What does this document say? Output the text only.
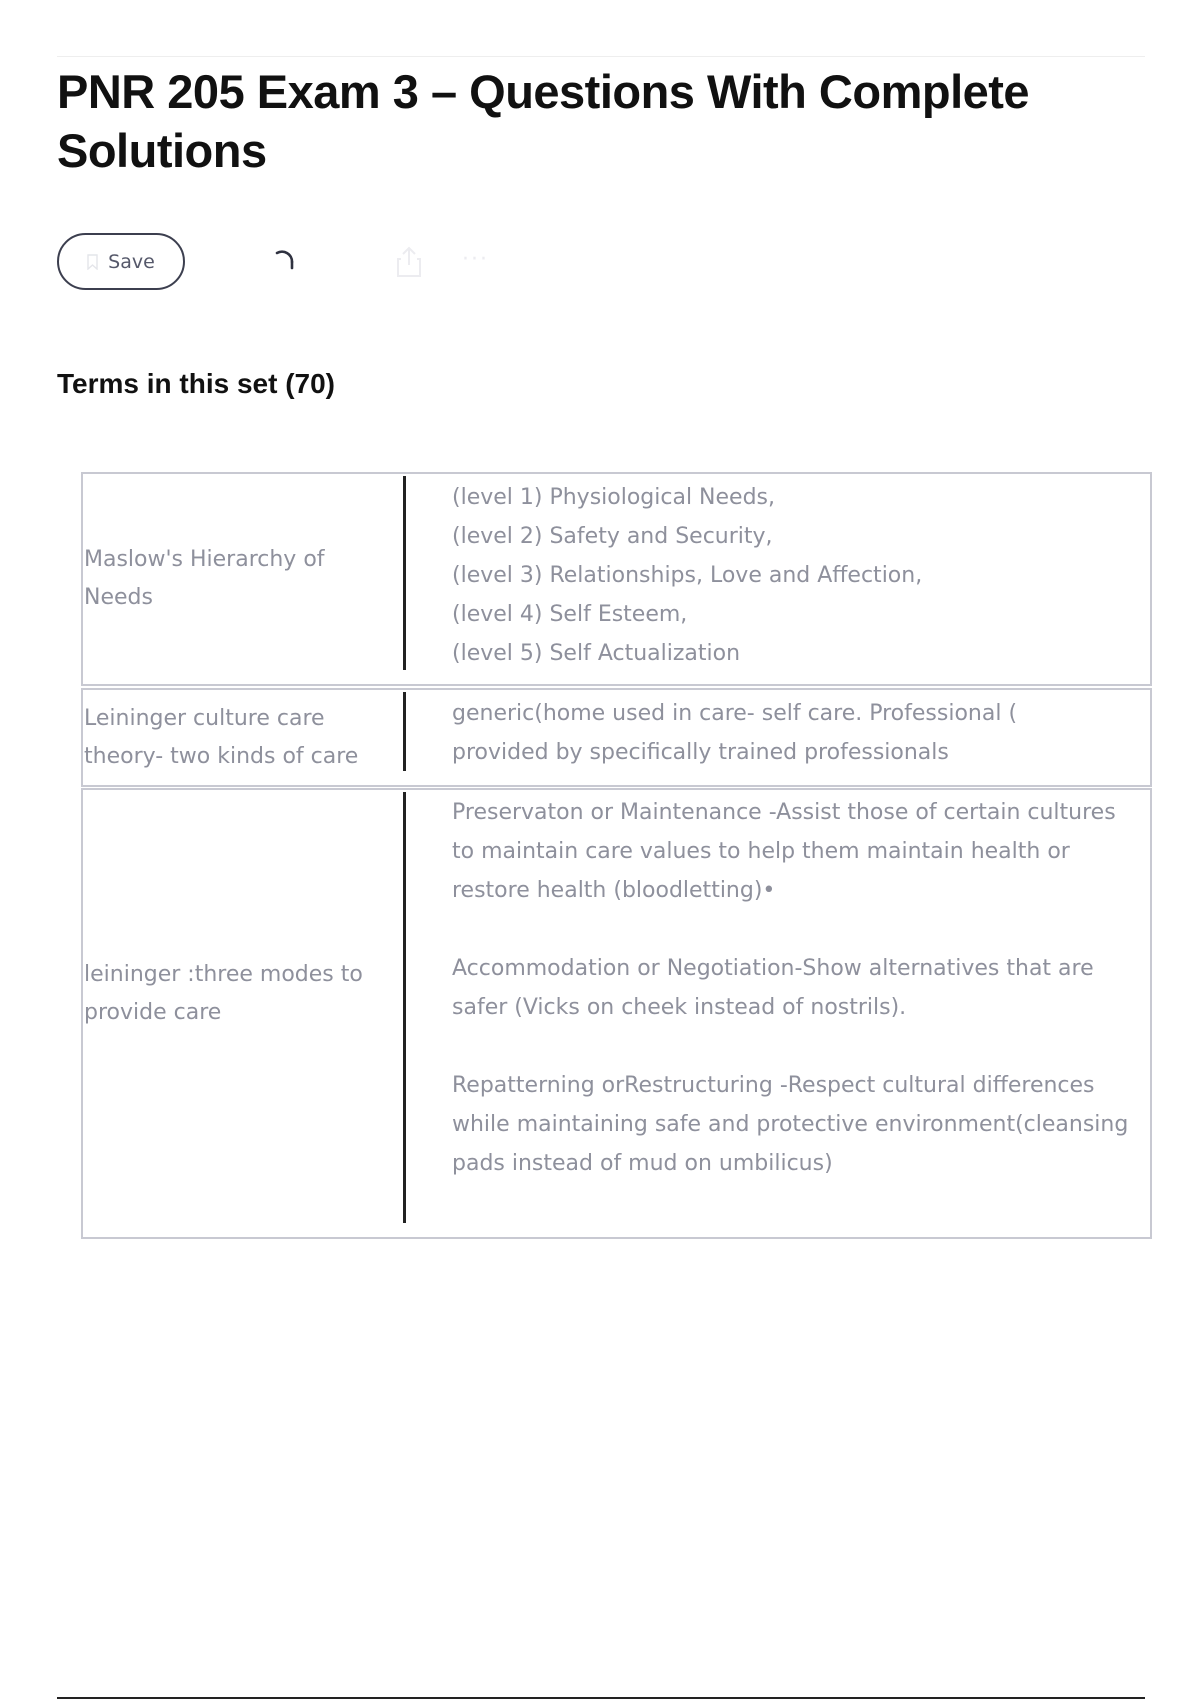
PNR 205 Exam 3 – Questions With Complete Solutions
Save	···
Terms in this set (70)
Maslow's Hierarchy of Needs
(level 1) Physiological Needs,
(level 2) Safety and Security,
(level 3) Relationships, Love and Affection,
(level 4) Self Esteem,
(level 5) Self Actualization
Leininger culture care theory- two kinds of care
generic(home used in care- self care. Professional (
provided by specifically trained professionals
leininger :three modes to provide care
Preservaton or Maintenance -Assist those of certain cultures to maintain care values to help them maintain health or restore health (bloodletting)•
Accommodation or Negotiation-Show alternatives that are safer (Vicks on cheek instead of nostrils).
Repatterning orRestructuring -Respect cultural differences while maintaining safe and protective environment(cleansing pads instead of mud on umbilicus)
